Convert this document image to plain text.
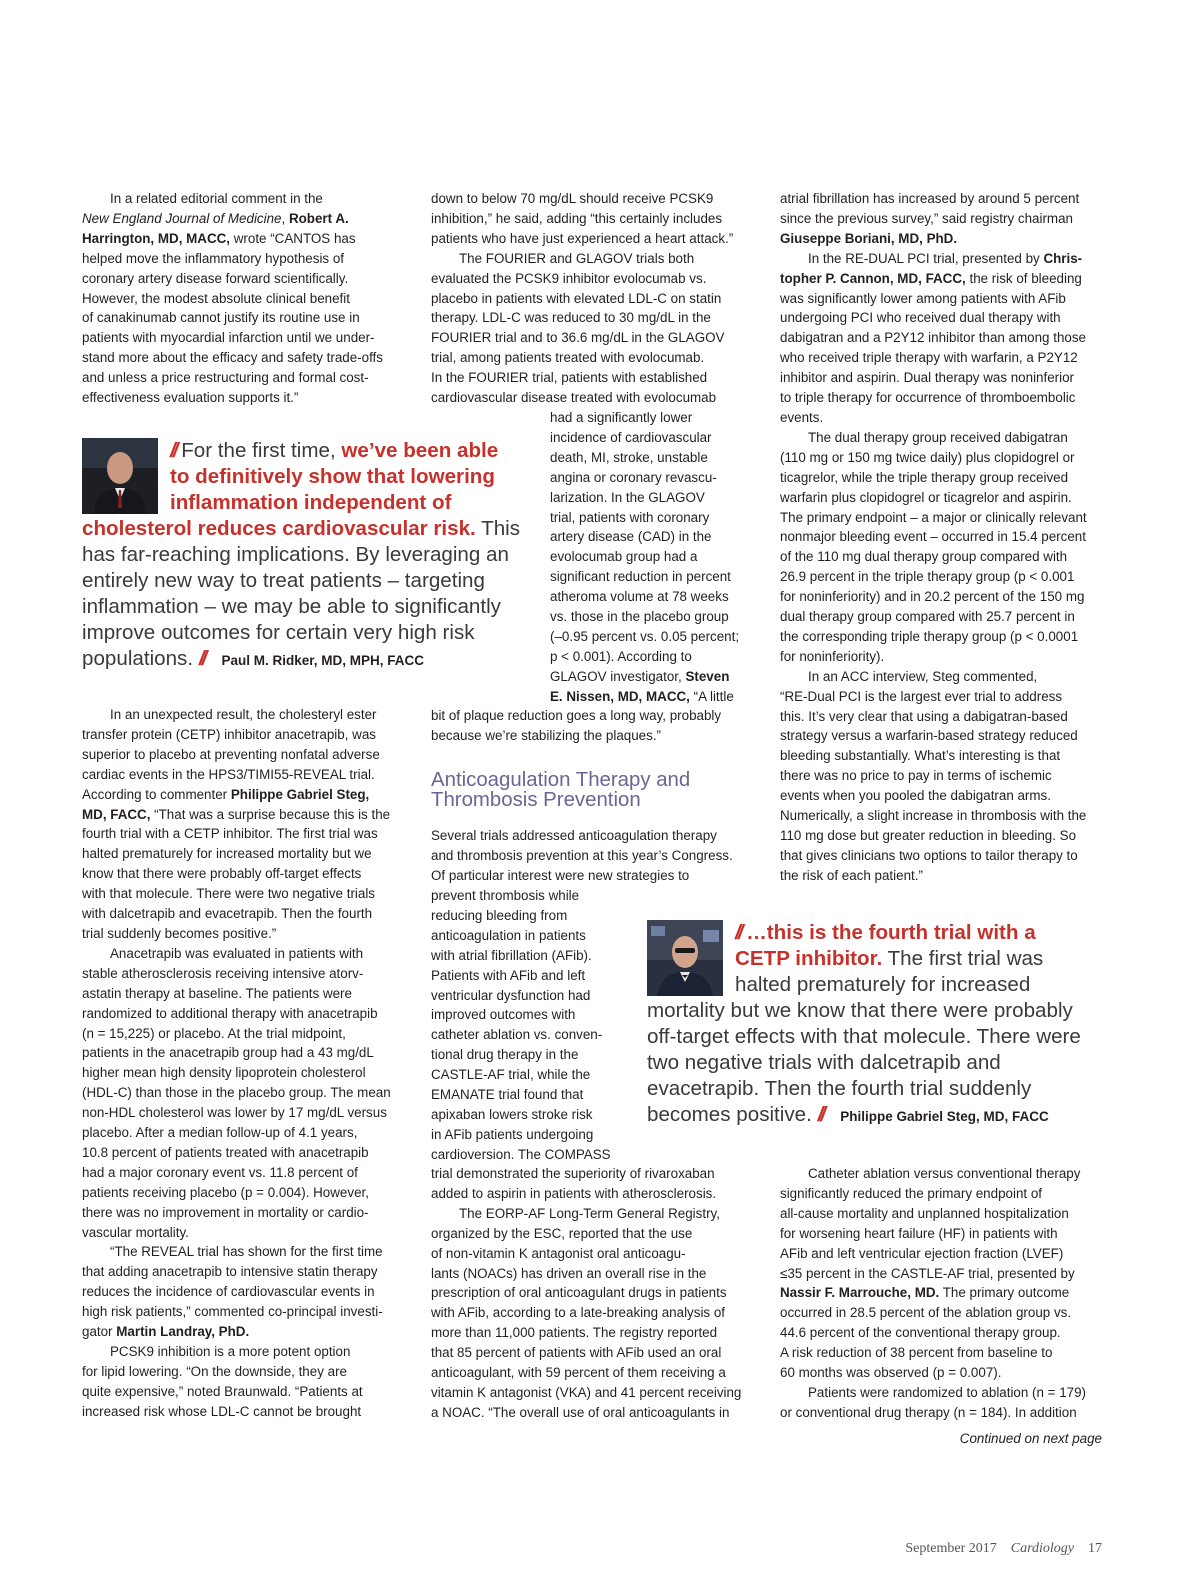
In a related editorial comment in the

New England Journal of Medicine, Robert A.

Harrington, MD, MACC, wrote “CANTOS has

helped move the inflammatory hypothesis of

coronary artery disease forward scientifically.

However, the modest absolute clinical benefit

of canakinumab cannot justify its routine use in

patients with myocardial infarction until we under-

stand more about the efficacy and safety trade-offs

and unless a price restructuring and formal cost-

effectiveness evaluation supports it.”

// For the first time, we’ve been able

to definitively show that lowering

inflammation independent of

cholesterol reduces cardiovascular risk. This

has far-reaching implications. By leveraging an

entirely new way to treat patients – targeting

inflammation – we may be able to significantly

improve outcomes for certain very high risk

populations. // Paul M. Ridker, MD, MPH, FACC

In an unexpected result, the cholesteryl ester

transfer protein (CETP) inhibitor anacetrapib, was

superior to placebo at preventing nonfatal adverse

cardiac events in the HPS3/TIMI55-REVEAL trial.

According to commenter Philippe Gabriel Steg,

MD, FACC, “That was a surprise because this is the

fourth trial with a CETP inhibitor. The first trial was

halted prematurely for increased mortality but we

know that there were probably off-target effects

with that molecule. There were two negative trials

with dalcetrapib and evacetrapib. Then the fourth

trial suddenly becomes positive.”

Anacetrapib was evaluated in patients with

stable atherosclerosis receiving intensive atorv-

astatin therapy at baseline. The patients were

randomized to additional therapy with anacetrapib

(n = 15,225) or placebo. At the trial midpoint,

patients in the anacetrapib group had a 43 mg/dL

higher mean high density lipoprotein cholesterol

(HDL-C) than those in the placebo group. The mean

non-HDL cholesterol was lower by 17 mg/dL versus

placebo. After a median follow-up of 4.1 years,

10.8 percent of patients treated with anacetrapib

had a major coronary event vs. 11.8 percent of

patients receiving placebo (p = 0.004). However,

there was no improvement in mortality or cardio-

vascular mortality.

“The REVEAL trial has shown for the first time

that adding anacetrapib to intensive statin therapy

reduces the incidence of cardiovascular events in

high risk patients,” commented co-principal investi-

gator Martin Landray, PhD.

PCSK9 inhibition is a more potent option

for lipid lowering. “On the downside, they are

quite expensive,” noted Braunwald. “Patients at

increased risk whose LDL-C cannot be brought

down to below 70 mg/dL should receive PCSK9

inhibition,” he said, adding “this certainly includes

patients who have just experienced a heart attack.”

The FOURIER and GLAGOV trials both

evaluated the PCSK9 inhibitor evolocumab vs.

placebo in patients with elevated LDL-C on statin

therapy. LDL-C was reduced to 30 mg/dL in the

FOURIER trial and to 36.6 mg/dL in the GLAGOV

trial, among patients treated with evolocumab.

In the FOURIER trial, patients with established

cardiovascular disease treated with evolocumab

had a significantly lower

incidence of cardiovascular

death, MI, stroke, unstable

angina or coronary revascu-

larization. In the GLAGOV

trial, patients with coronary

artery disease (CAD) in the

evolocumab group had a

significant reduction in percent

atheroma volume at 78 weeks

vs. those in the placebo group

(–0.95 percent vs. 0.05 percent;

p < 0.001). According to

GLAGOV investigator, Steven

E. Nissen, MD, MACC, “A little

bit of plaque reduction goes a long way, probably

because we’re stabilizing the plaques.”

Anticoagulation Therapy and
Thrombosis Prevention

Several trials addressed anticoagulation therapy

and thrombosis prevention at this year’s Congress.

Of particular interest were new strategies to

prevent thrombosis while

reducing bleeding from

anticoagulation in patients

with atrial fibrillation (AFib).

Patients with AFib and left

ventricular dysfunction had

improved outcomes with

catheter ablation vs. conven-

tional drug therapy in the

CASTLE-AF trial, while the

EMANATE trial found that

apixaban lowers stroke risk

in AFib patients undergoing

cardioversion. The COMPASS

trial demonstrated the superiority of rivaroxaban

added to aspirin in patients with atherosclerosis.

The EORP-AF Long-Term General Registry,

organized by the ESC, reported that the use

of non-vitamin K antagonist oral anticoagu-

lants (NOACs) has driven an overall rise in the

prescription of oral anticoagulant drugs in patients

with AFib, according to a late-breaking analysis of

more than 11,000 patients. The registry reported

that 85 percent of patients with AFib used an oral

anticoagulant, with 59 percent of them receiving a

vitamin K antagonist (VKA) and 41 percent receiving

a NOAC. “The overall use of oral anticoagulants in

atrial fibrillation has increased by around 5 percent

since the previous survey,” said registry chairman

Giuseppe Boriani, MD, PhD.

In the RE-DUAL PCI trial, presented by Chris-

topher P. Cannon, MD, FACC, the risk of bleeding

was significantly lower among patients with AFib

undergoing PCI who received dual therapy with

dabigatran and a P2Y12 inhibitor than among those

who received triple therapy with warfarin, a P2Y12

inhibitor and aspirin. Dual therapy was noninferior

to triple therapy for occurrence of thromboembolic

events.

The dual therapy group received dabigatran

(110 mg or 150 mg twice daily) plus clopidogrel or

ticagrelor, while the triple therapy group received

warfarin plus clopidogrel or ticagrelor and aspirin.

The primary endpoint – a major or clinically relevant

nonmajor bleeding event – occurred in 15.4 percent

of the 110 mg dual therapy group compared with

26.9 percent in the triple therapy group (p < 0.001

for noninferiority) and in 20.2 percent of the 150 mg

dual therapy group compared with 25.7 percent in

the corresponding triple therapy group (p < 0.0001

for noninferiority).

In an ACC interview, Steg commented,

“RE-Dual PCI is the largest ever trial to address

this. It’s very clear that using a dabigatran-based

strategy versus a warfarin-based strategy reduced

bleeding substantially. What’s interesting is that

there was no price to pay in terms of ischemic

events when you pooled the dabigatran arms.

Numerically, a slight increase in thrombosis with the

110 mg dose but greater reduction in bleeding. So

that gives clinicians two options to tailor therapy to

the risk of each patient.”

// …this is the fourth trial with a

CETP inhibitor. The first trial was

halted prematurely for increased

mortality but we know that there were probably

off-target effects with that molecule. There were

two negative trials with dalcetrapib and

evacetrapib. Then the fourth trial suddenly

becomes positive. // Philippe Gabriel Steg, MD, FACC

Catheter ablation versus conventional therapy

significantly reduced the primary endpoint of

all-cause mortality and unplanned hospitalization

for worsening heart failure (HF) in patients with

AFib and left ventricular ejection fraction (LVEF)

≤35 percent in the CASTLE-AF trial, presented by

Nassir F. Marrouche, MD. The primary outcome

occurred in 28.5 percent of the ablation group vs.

44.6 percent of the conventional therapy group.

A risk reduction of 38 percent from baseline to

60 months was observed (p = 0.007).

Patients were randomized to ablation (n = 179)

or conventional drug therapy (n = 184). In addition

Continued on next page
September 2017 Cardiology 17
